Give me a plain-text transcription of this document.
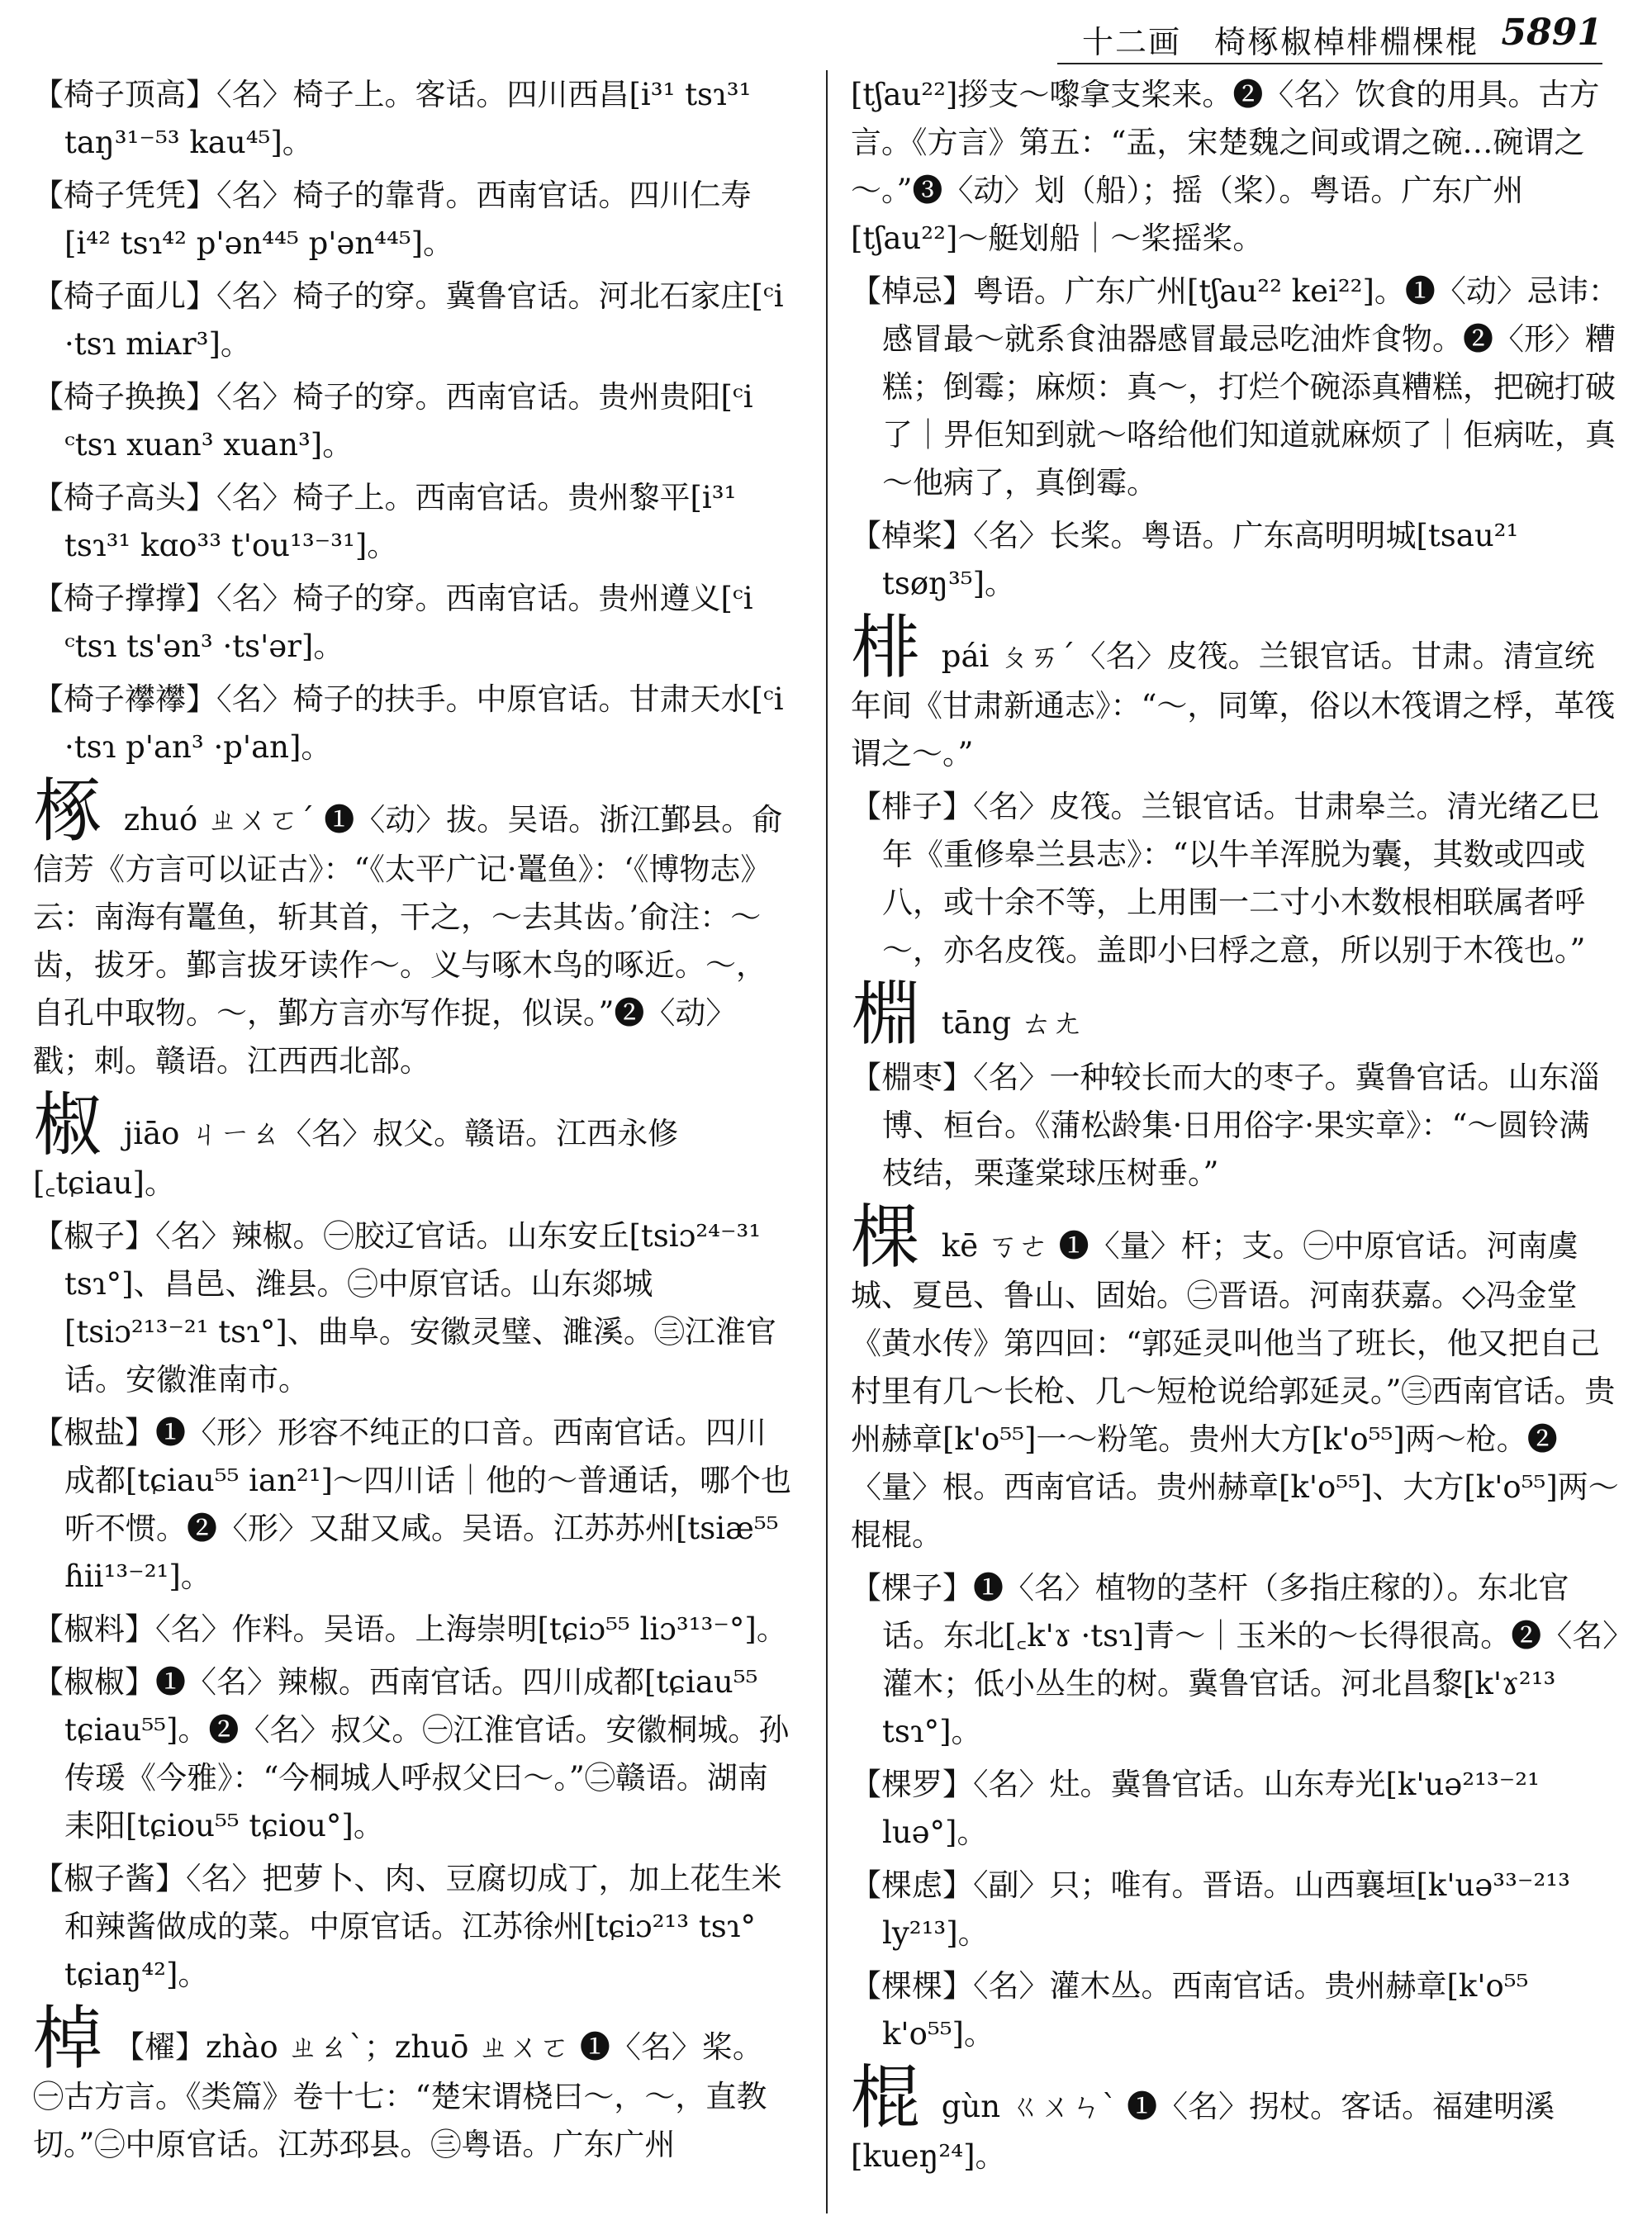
十二画　椅椓椒棹棑棩棵棍 5891

【椅子顶高】〈名〉椅子上。客话。四川西昌[i³¹ tsɿ³¹ taŋ³¹⁻⁵³ kau⁴⁵]。

【椅子凭凭】〈名〉椅子的靠背。西南官话。四川仁寿[i⁴² tsɿ⁴² p'ən⁴⁴⁵ p'ən⁴⁴⁵]。

【椅子面儿】〈名〉椅子的穿。冀鲁官话。河北石家庄[ᶜi ·tsɿ miᴀr³]。

【椅子换换】〈名〉椅子的穿。西南官话。贵州贵阳[ᶜi ᶜtsɿ xuan³ xuan³]。

【椅子高头】〈名〉椅子上。西南官话。贵州黎平[i³¹ tsɿ³¹ kɑo³³ t'ou¹³⁻³¹]。

【椅子撑撑】〈名〉椅子的穿。西南官话。贵州遵义[ᶜi ᶜtsɿ ts'ən³ ·ts'ər]。

【椅子襻襻】〈名〉椅子的扶手。中原官话。甘肃天水[ᶜi ·tsɿ p'an³ ·p'an]。

椓 zhuó ㄓㄨㄛˊ ❶〈动〉拔。吴语。浙江鄞县。俞信芳《方言可以证古》：“《太平广记·鼍鱼》：‘《博物志》云：南海有鼍鱼，斩其首，干之，～去其齿。’俞注：～齿，拔牙。鄞言拔牙读作～。义与啄木鸟的啄近。～，自孔中取物。～，鄞方言亦写作捉，似误。”❷〈动〉戳；刺。赣语。江西西北部。

椒 jiāo ㄐㄧㄠ〈名〉叔父。赣语。江西永修[꜀tɕiau]。

【椒子】〈名〉辣椒。㊀胶辽官话。山东安丘[tsiɔ²⁴⁻³¹ tsɿ°]、昌邑、潍县。㊁中原官话。山东郯城[tsiɔ²¹³⁻²¹ tsɿ°]、曲阜。安徽灵璧、濉溪。㊂江淮官话。安徽淮南市。

【椒盐】❶〈形〉形容不纯正的口音。西南官话。四川成都[tɕiau⁵⁵ ian²¹]～四川话｜他的～普通话，哪个也听不惯。❷〈形〉又甜又咸。吴语。江苏苏州[tsiæ⁵⁵ ɦii¹³⁻²¹]。

【椒料】〈名〉作料。吴语。上海崇明[tɕiɔ⁵⁵ liɔ³¹³⁻°]。

【椒椒】❶〈名〉辣椒。西南官话。四川成都[tɕiau⁵⁵ tɕiau⁵⁵]。❷〈名〉叔父。㊀江淮官话。安徽桐城。孙传瑗《今雅》：“今桐城人呼叔父曰～。”㊁赣语。湖南耒阳[tɕiou⁵⁵ tɕiou°]。

【椒子酱】〈名〉把萝卜、肉、豆腐切成丁，加上花生米和辣酱做成的菜。中原官话。江苏徐州[tɕiɔ²¹³ tsɿ° tɕiaŋ⁴²]。

棹 【櫂】zhào ㄓㄠˋ；zhuō ㄓㄨㄛ ❶〈名〉桨。㊀古方言。《类篇》卷十七：“楚宋谓桡曰～，～，直教切。”㊁中原官话。江苏邳县。㊂粤语。广东广州

[tʃau²²]拶支～嚟拿支桨来。❷〈名〉饮食的用具。古方言。《方言》第五：“盂，宋楚魏之间或谓之碗…碗谓之～。”❸〈动〉划（船）；摇（桨）。粤语。广东广州[tʃau²²]～艇划船｜～桨摇桨。

【棹忌】粤语。广东广州[tʃau²² kei²²]。❶〈动〉忌讳：感冒最～就系食油器感冒最忌吃油炸食物。❷〈形〉糟糕；倒霉；麻烦：真～，打烂个碗添真糟糕，把碗打破了｜畀佢知到就～咯给他们知道就麻烦了｜佢病咗，真～他病了，真倒霉。

【棹桨】〈名〉长桨。粤语。广东高明明城[tsau²¹ tsøŋ³⁵]。

棑 pái ㄆㄞˊ〈名〉皮筏。兰银官话。甘肃。清宣统年间《甘肃新通志》：“～，同箄，俗以木筏谓之桴，革筏谓之～。”

【棑子】〈名〉皮筏。兰银官话。甘肃皋兰。清光绪乙巳年《重修皋兰县志》：“以牛羊浑脱为囊，其数或四或八，或十余不等，上用围一二寸小木数根相联属者呼～，亦名皮筏。盖即小曰桴之意，所以别于木筏也。”

棩 tāng ㄊㄤ

【棩枣】〈名〉一种较长而大的枣子。冀鲁官话。山东淄博、桓台。《蒲松龄集·日用俗字·果实章》：“～圆铃满枝结，栗蓬棠球压树垂。”

棵 kē ㄎㄜ ❶〈量〉杆；支。㊀中原官话。河南虞城、夏邑、鲁山、固始。㊁晋语。河南获嘉。◇冯金堂《黄水传》第四回：“郭延灵叫他当了班长，他又把自己村里有几～长枪、几～短枪说给郭延灵。”㊂西南官话。贵州赫章[k'o⁵⁵]一～粉笔。贵州大方[k'o⁵⁵]两～枪。❷〈量〉根。西南官话。贵州赫章[k'o⁵⁵]、大方[k'o⁵⁵]两～棍棍。

【棵子】❶〈名〉植物的茎杆（多指庄稼的）。东北官话。东北[꜀k'ɤ ·tsɿ]青～｜玉米的～长得很高。❷〈名〉灌木；低小丛生的树。冀鲁官话。河北昌黎[k'ɤ²¹³ tsɿ°]。

【棵罗】〈名〉灶。冀鲁官话。山东寿光[k'uə²¹³⁻²¹ luə°]。

【棵虑】〈副〉只；唯有。晋语。山西襄垣[k'uə³³⁻²¹³ ly²¹³]。

【棵棵】〈名〉灌木丛。西南官话。贵州赫章[k'o⁵⁵ k'o⁵⁵]。

棍 gùn ㄍㄨㄣˋ ❶〈名〉拐杖。客话。福建明溪[kueŋ²⁴]。
